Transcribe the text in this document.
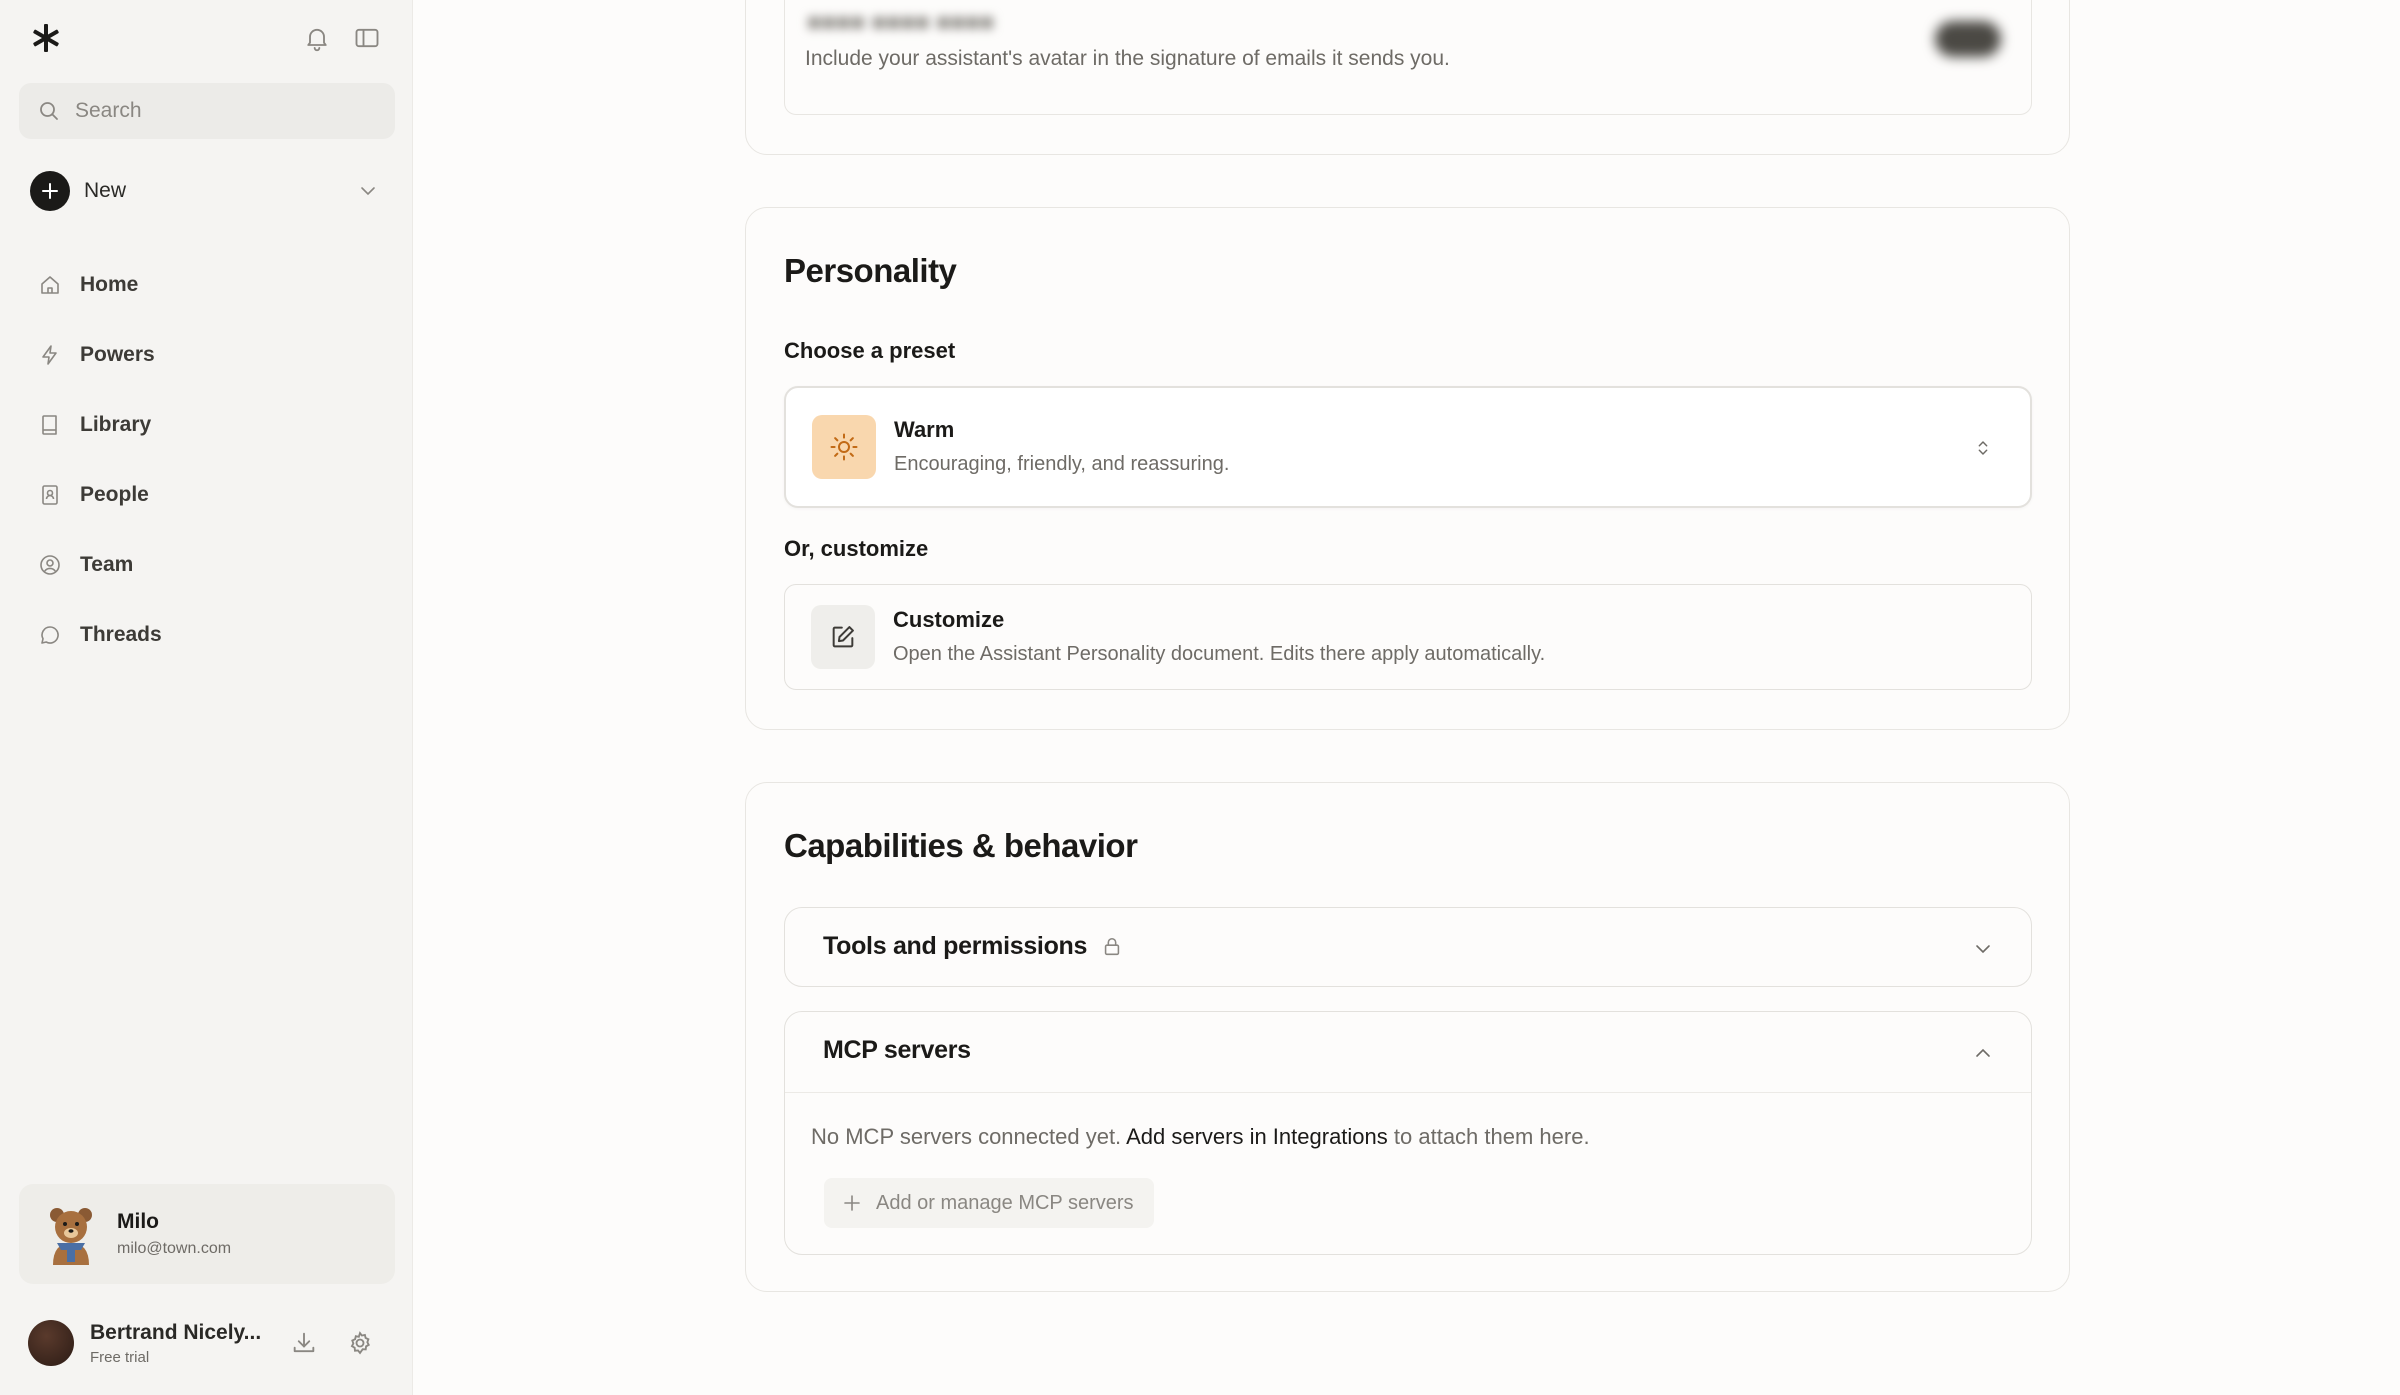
Search
New
Home
Powers
Library
People
Team
Threads
Milo
milo@town.com
Bertrand Nicely...
Free trial
■■■■ ■■■■ ■■■■
Include your assistant's avatar in the signature of emails it sends you.
Personality
Choose a preset
Warm
Encouraging, friendly, and reassuring.
Or, customize
Customize
Open the Assistant Personality document. Edits there apply automatically.
Capabilities & behavior
Tools and permissions
MCP servers
No MCP servers connected yet. Add servers in Integrations to attach them here.
Add or manage MCP servers
